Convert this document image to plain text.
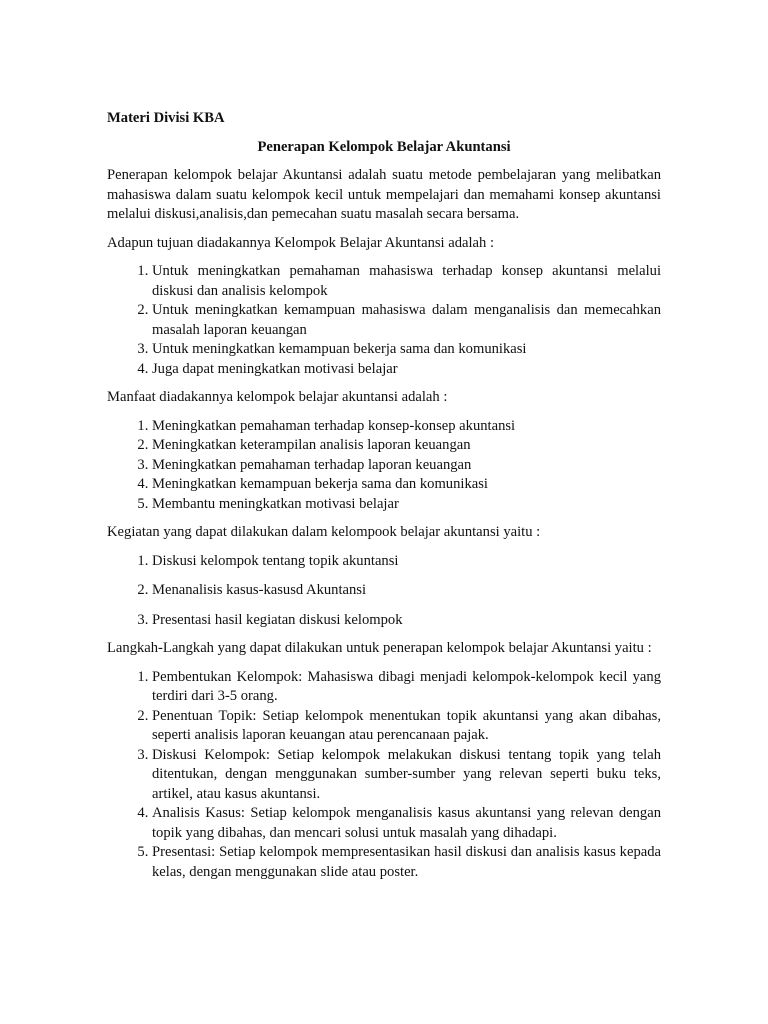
Materi Divisi KBA
Penerapan Kelompok Belajar Akuntansi

Penerapan kelompok belajar Akuntansi adalah suatu metode pembelajaran yang melibatkan mahasiswa dalam suatu kelompok kecil untuk mempelajari dan memahami konsep akuntansi melalui diskusi,analisis,dan pemecahan suatu masalah secara bersama.

Adapun tujuan diadakannya Kelompok Belajar Akuntansi adalah :

1. Untuk meningkatkan pemahaman mahasiswa terhadap konsep akuntansi melalui diskusi dan analisis kelompok
2. Untuk meningkatkan kemampuan mahasiswa dalam menganalisis dan memecahkan masalah laporan keuangan
3. Untuk meningkatkan kemampuan bekerja sama dan komunikasi
4. Juga dapat meningkatkan motivasi belajar

Manfaat diadakannya kelompok belajar akuntansi adalah :

1. Meningkatkan pemahaman terhadap konsep-konsep akuntansi
2. Meningkatkan keterampilan analisis laporan keuangan
3. Meningkatkan pemahaman terhadap laporan keuangan
4. Meningkatkan kemampuan bekerja sama dan komunikasi
5. Membantu meningkatkan motivasi belajar

Kegiatan yang dapat dilakukan dalam kelompook belajar akuntansi yaitu :

1. Diskusi kelompok tentang topik akuntansi
2. Menanalisis kasus-kasusd Akuntansi
3. Presentasi hasil kegiatan diskusi kelompok

Langkah-Langkah yang dapat dilakukan untuk penerapan kelompok belajar Akuntansi yaitu :

1. Pembentukan Kelompok: Mahasiswa dibagi menjadi kelompok-kelompok kecil yang terdiri dari 3-5 orang.
2. Penentuan Topik: Setiap kelompok menentukan topik akuntansi yang akan dibahas, seperti analisis laporan keuangan atau perencanaan pajak.
3. Diskusi Kelompok: Setiap kelompok melakukan diskusi tentang topik yang telah ditentukan, dengan menggunakan sumber-sumber yang relevan seperti buku teks, artikel, atau kasus akuntansi.
4. Analisis Kasus: Setiap kelompok menganalisis kasus akuntansi yang relevan dengan topik yang dibahas, dan mencari solusi untuk masalah yang dihadapi.
5. Presentasi: Setiap kelompok mempresentasikan hasil diskusi dan analisis kasus kepada kelas, dengan menggunakan slide atau poster.
